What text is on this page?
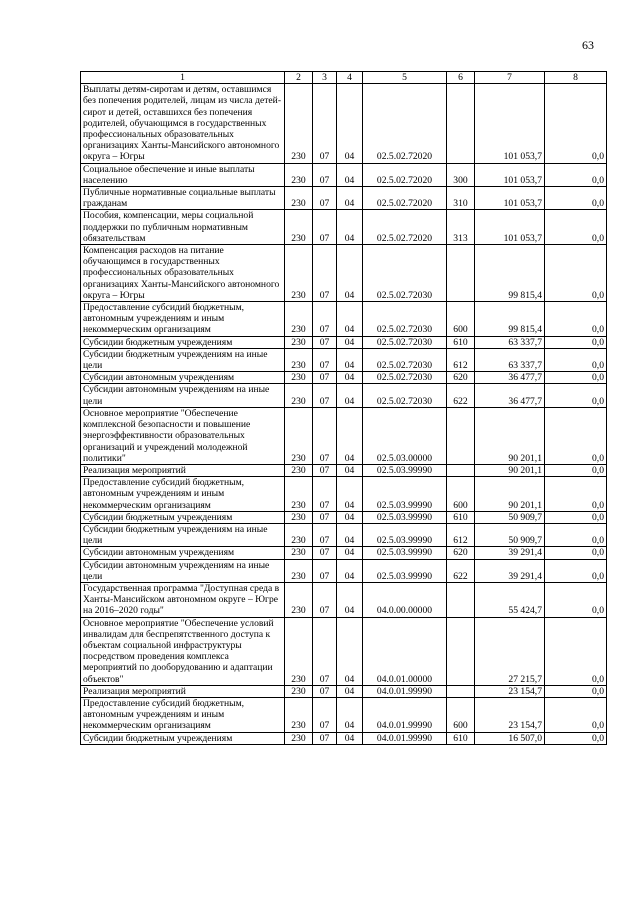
63
1	2	3	4	5	6	7	8
Выплаты детям-сиротам и детям, оставшимся без попечения родителей, лицам из числа детей-сирот и детей, оставшихся без попечения родителей, обучающимся в государственных профессиональных образовательных организациях Ханты-Мансийского автономного округа – Югры	230	07	04	02.5.02.72020		101 053,7	0,0
Социальное обеспечение и иные выплаты населению	230	07	04	02.5.02.72020	300	101 053,7	0,0
Публичные нормативные социальные выплаты гражданам	230	07	04	02.5.02.72020	310	101 053,7	0,0
Пособия, компенсации, меры социальной поддержки по публичным нормативным обязательствам	230	07	04	02.5.02.72020	313	101 053,7	0,0
Компенсация расходов на питание обучающимся в государственных профессиональных образовательных организациях Ханты-Мансийского автономного округа – Югры	230	07	04	02.5.02.72030		99 815,4	0,0
Предоставление субсидий бюджетным, автономным учреждениям и иным некоммерческим организациям	230	07	04	02.5.02.72030	600	99 815,4	0,0
Субсидии бюджетным учреждениям	230	07	04	02.5.02.72030	610	63 337,7	0,0
Субсидии бюджетным учреждениям на иные цели	230	07	04	02.5.02.72030	612	63 337,7	0,0
Субсидии автономным учреждениям	230	07	04	02.5.02.72030	620	36 477,7	0,0
Субсидии автономным учреждениям на иные цели	230	07	04	02.5.02.72030	622	36 477,7	0,0
Основное мероприятие "Обеспечение комплексной безопасности и повышение энергоэффективности образовательных организаций и учреждений молодежной политики"	230	07	04	02.5.03.00000		90 201,1	0,0
Реализация мероприятий	230	07	04	02.5.03.99990		90 201,1	0,0
Предоставление субсидий бюджетным, автономным учреждениям и иным некоммерческим организациям	230	07	04	02.5.03.99990	600	90 201,1	0,0
Субсидии бюджетным учреждениям	230	07	04	02.5.03.99990	610	50 909,7	0,0
Субсидии бюджетным учреждениям на иные цели	230	07	04	02.5.03.99990	612	50 909,7	0,0
Субсидии автономным учреждениям	230	07	04	02.5.03.99990	620	39 291,4	0,0
Субсидии автономным учреждениям на иные цели	230	07	04	02.5.03.99990	622	39 291,4	0,0
Государственная программа "Доступная среда в Ханты-Мансийском автономном округе – Югре на 2016–2020 годы"	230	07	04	04.0.00.00000		55 424,7	0,0
Основное мероприятие "Обеспечение условий инвалидам для беспрепятственного доступа к объектам социальной инфраструктуры посредством проведения комплекса мероприятий по дооборудованию и адаптации объектов"	230	07	04	04.0.01.00000		27 215,7	0,0
Реализация мероприятий	230	07	04	04.0.01.99990		23 154,7	0,0
Предоставление субсидий бюджетным, автономным учреждениям и иным некоммерческим организациям	230	07	04	04.0.01.99990	600	23 154,7	0,0
Субсидии бюджетным учреждениям	230	07	04	04.0.01.99990	610	16 507,0	0,0
